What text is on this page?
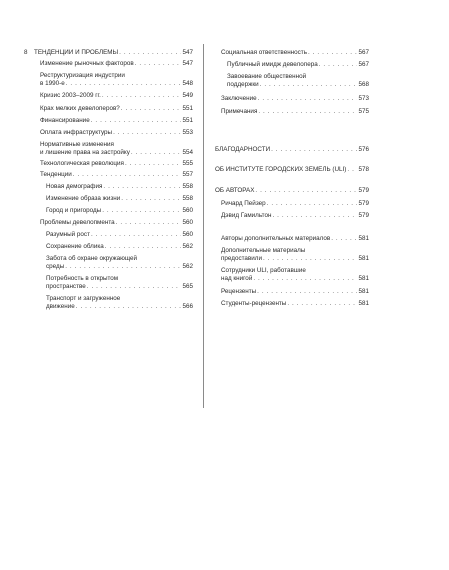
8 ТЕНДЕНЦИИ И ПРОБЛЕМЫ . . .	547
Изменение рыночных факторов . . .	547
Реструктуризация индустрии
в 1990-е . . .	548
Кризис 2003–2009 гг. . . .	549
Крах мелких девелоперов? . . .	551
Финансирование . . .	551
Оплата инфраструктуры . . .	553
Нормативные изменения
и лишение права на застройку . . .	554
Технологическая революция . . .	555
Тенденции . . .	557
Новая демография . . .	558
Изменение образа жизни . . .	558
Город и пригороды . . .	560
Проблемы девелопмента . . .	560
Разумный рост . . .	560
Сохранение облика . . .	562
Забота об охране окружающей
среды . . .	562
Потребность в открытом
пространстве . . .	565
Транспорт и загруженное
движение . . .	566
Социальная ответственность . . .	567
Публичный имидж девелопера . . .	567
Завоевание общественной
поддержки . . .	568
Заключение . . .	573
Примечания . . .	575
БЛАГОДАРНОСТИ . . .	576
ОБ ИНСТИТУТЕ ГОРОДСКИХ ЗЕМЕЛЬ (ULI) . . . 578
ОБ АВТОРАХ . . .	579
Ричард Пейзер . . .	579
Дэвид Гамильтон . . .	579
Авторы дополнительных материалов . . .	581
Дополнительные материалы
предоставили . . .	581
Сотрудники ULI, работавшие
над книгой . . .	581
Рецензенты . . .	581
Студенты-рецензенты . . .	581
